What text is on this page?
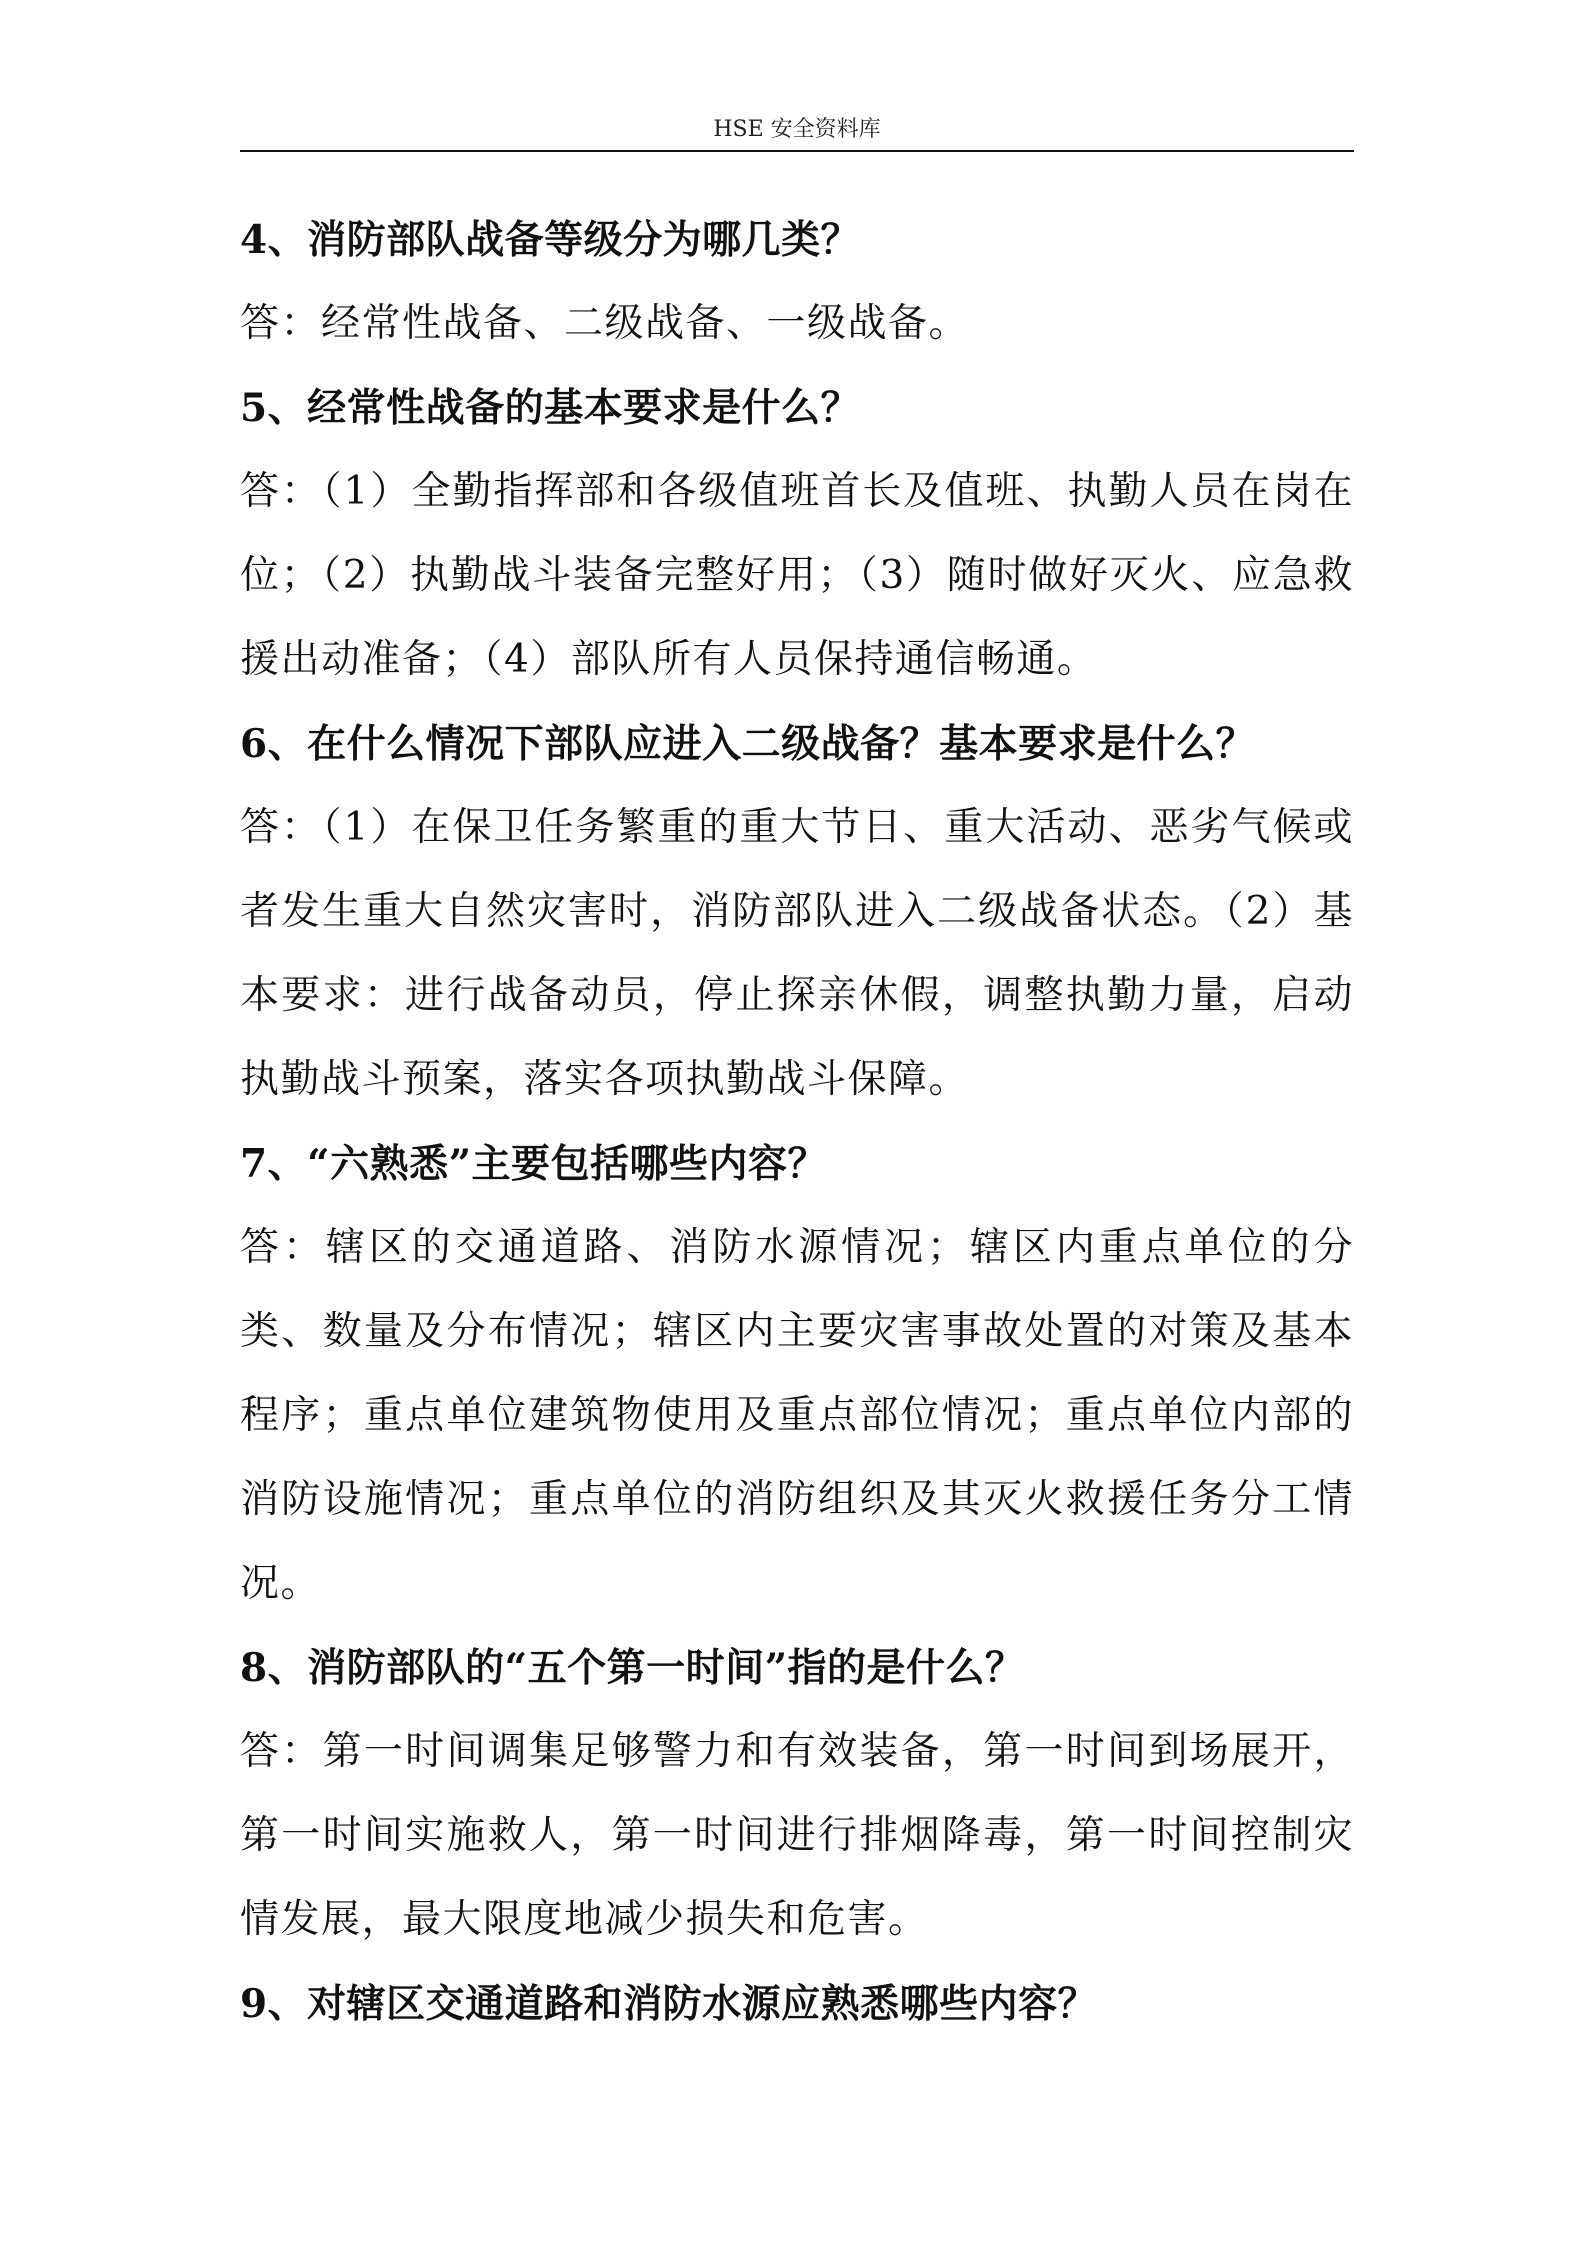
HSE 安全资料库
4、消防部队战备等级分为哪几类？
答：经常性战备、二级战备、一级战备。
5、经常性战备的基本要求是什么？
答：（1）全勤指挥部和各级值班首长及值班、执勤人员在岗在位；（2）执勤战斗装备完整好用；（3）随时做好灭火、应急救援出动准备；（4）部队所有人员保持通信畅通。
6、在什么情况下部队应进入二级战备？基本要求是什么？
答：（1）在保卫任务繁重的重大节日、重大活动、恶劣气候或者发生重大自然灾害时，消防部队进入二级战备状态。（2）基本要求：进行战备动员，停止探亲休假，调整执勤力量，启动执勤战斗预案，落实各项执勤战斗保障。
7、“六熟悉”主要包括哪些内容？
答：辖区的交通道路、消防水源情况；辖区内重点单位的分类、数量及分布情况；辖区内主要灾害事故处置的对策及基本程序；重点单位建筑物使用及重点部位情况；重点单位内部的消防设施情况；重点单位的消防组织及其灭火救援任务分工情况。
8、消防部队的“五个第一时间”指的是什么？
答：第一时间调集足够警力和有效装备，第一时间到场展开，第一时间实施救人，第一时间进行排烟降毒，第一时间控制灾情发展，最大限度地减少损失和危害。
9、对辖区交通道路和消防水源应熟悉哪些内容？
